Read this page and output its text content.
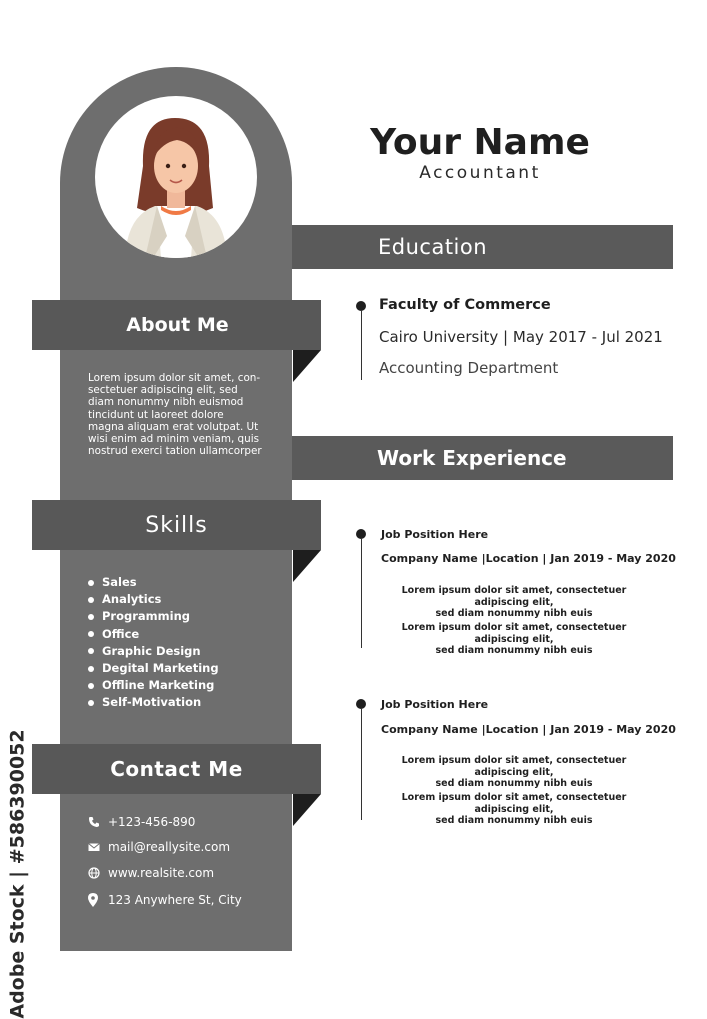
About Me
Lorem ipsum dolor sit amet, con-
sectetuer adipiscing elit, sed
diam nonummy nibh euismod
tincidunt ut laoreet dolore
magna aliquam erat volutpat. Ut
wisi enim ad minim veniam, quis
nostrud exerci tation ullamcorper
Skills
Sales
Analytics
Programming
Office
Graphic Design
Degital Marketing
Offline Marketing
Self-Motivation
Contact Me
+123-456-890
mail@reallysite.com
www.realsite.com
123 Anywhere St, City
Your Name
Accountant
Education
Faculty of Commerce
Cairo University | May 2017 - Jul 2021
Accounting Department
Work Experience
Job Position Here
Company Name |Location | Jan 2019 - May 2020
Lorem ipsum dolor sit amet, consectetuer adipiscing elit,
sed diam nonummy nibh euis
Lorem ipsum dolor sit amet, consectetuer adipiscing elit,
sed diam nonummy nibh euis
Job Position Here
Company Name |Location | Jan 2019 - May 2020
Lorem ipsum dolor sit amet, consectetuer adipiscing elit,
sed diam nonummy nibh euis
Lorem ipsum dolor sit amet, consectetuer adipiscing elit,
sed diam nonummy nibh euis
Adobe Stock | #586390052
